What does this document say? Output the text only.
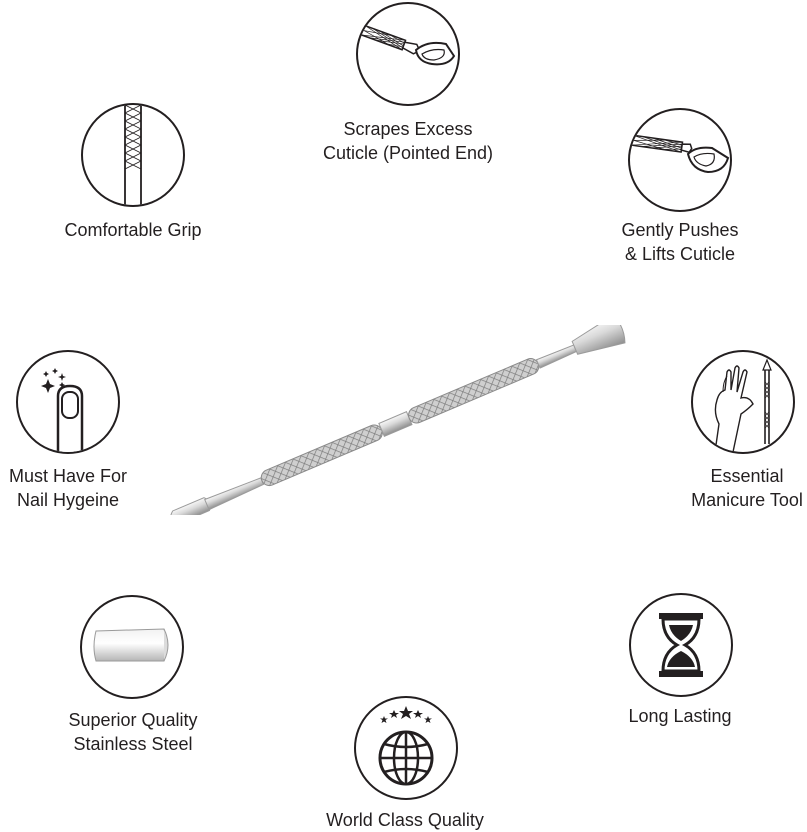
Scrapes Excess
Cuticle (Pointed End)
Comfortable Grip	Gently Pushes
& Lifts Cuticle
Must Have For
Nail Hygeine
Essential
Manicure Tool
Superior Quality
Stainless Steel
Long Lasting
World Class Quality
